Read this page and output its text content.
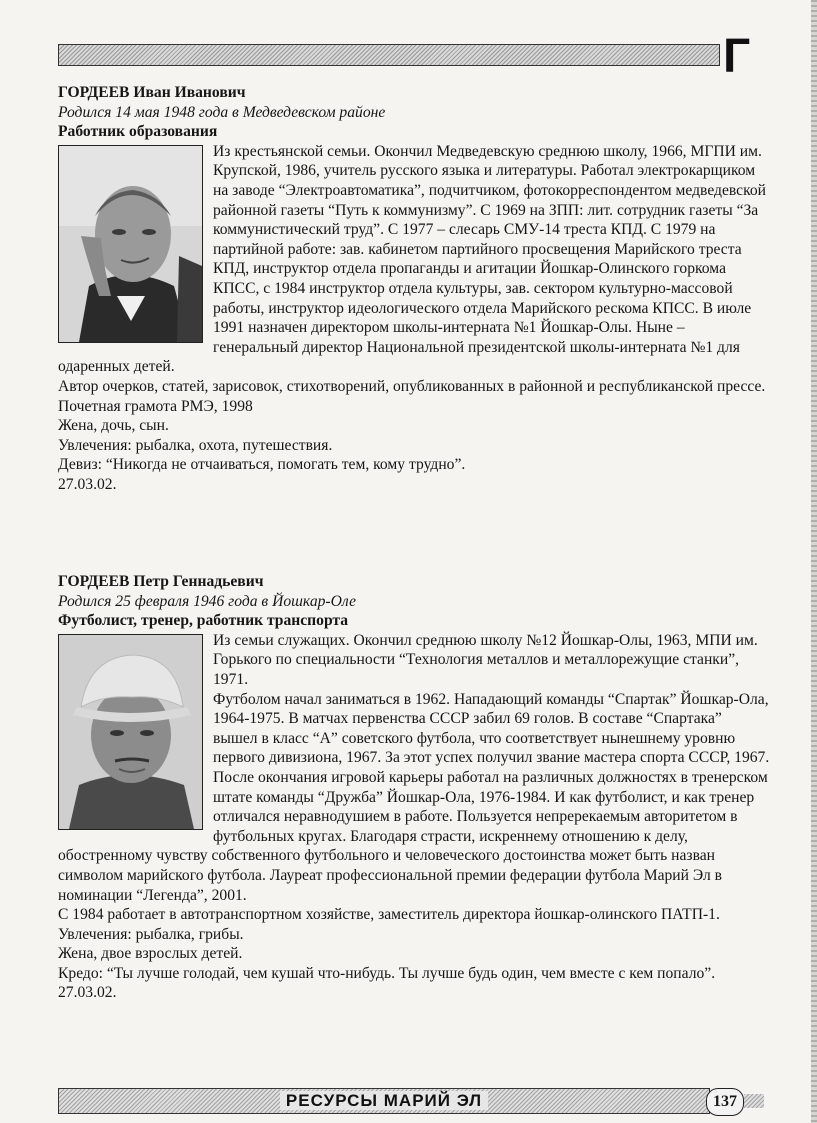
Г

ГОРДЕЕВ Иван Иванович

Родился 14 мая 1948 года в Медведевском районе

Работник образования

Из крестьянской семьи. Окончил Медведевскую среднюю школу, 1966, МГПИ им. Крупской, 1986, учитель русского языка и литературы. Работал электрокарщиком на заводе “Электроавтоматика”, подчитчиком, фотокорреспондентом медведевской районной газеты “Путь к коммунизму”. С 1969 на ЗПП: лит. сотрудник газеты “За коммунистический труд”. С 1977 – слесарь СМУ-14 треста КПД. С 1979 на партийной работе: зав. кабинетом партийного просвещения Марийского треста КПД, инструктор отдела пропаганды и агитации Йошкар-Олинского горкома КПСС, с 1984 инструктор отдела культуры, зав. сектором культурно-массовой работы, инструктор идеологического отдела Марийского рескома КПСС. В июле 1991 назначен директором школы-интерната №1 Йошкар-Олы. Ныне – генеральный директор Национальной президентской школы-интерната №1 для одаренных детей.

Автор очерков, статей, зарисовок, стихотворений, опубликованных в районной и республиканской прессе.

Почетная грамота РМЭ, 1998

Жена, дочь, сын.

Увлечения: рыбалка, охота, путешествия.

Девиз: “Никогда не отчаиваться, помогать тем, кому трудно”.

27.03.02.

ГОРДЕЕВ Петр Геннадьевич

Родился 25 февраля 1946 года в Йошкар-Оле

Футболист, тренер, работник транспорта

Из семьи служащих. Окончил среднюю школу №12 Йошкар-Олы, 1963, МПИ им. Горького по специальности “Технология металлов и металлорежущие станки”, 1971.

Футболом начал заниматься в 1962. Нападающий команды “Спартак” Йошкар-Ола, 1964-1975. В матчах первенства СССР забил 69 голов. В составе “Спартака” вышел в класс “А” советского футбола, что соответствует нынешнему уровню первого дивизиона, 1967. За этот успех получил звание мастера спорта СССР, 1967. После окончания игровой карьеры работал на различных должностях в тренерском штате команды “Дружба” Йошкар-Ола, 1976-1984. И как футболист, и как тренер отличался неравнодушием в работе. Пользуется непререкаемым авторитетом в футбольных кругах. Благодаря страсти, искреннему отношению к делу, обостренному чувству собственного футбольного и человеческого достоинства может быть назван символом марийского футбола. Лауреат профессиональной премии федерации футбола Марий Эл в номинации “Легенда”, 2001.

С 1984 работает в автотранспортном хозяйстве, заместитель директора йошкар-олинского ПАТП-1.

Увлечения: рыбалка, грибы.

Жена, двое взрослых детей.

Кредо: “Ты лучше голодай, чем кушай что-нибудь. Ты лучше будь один, чем вместе с кем попало”.

27.03.02.

РЕСУРСЫ МАРИЙ ЭЛ	137
